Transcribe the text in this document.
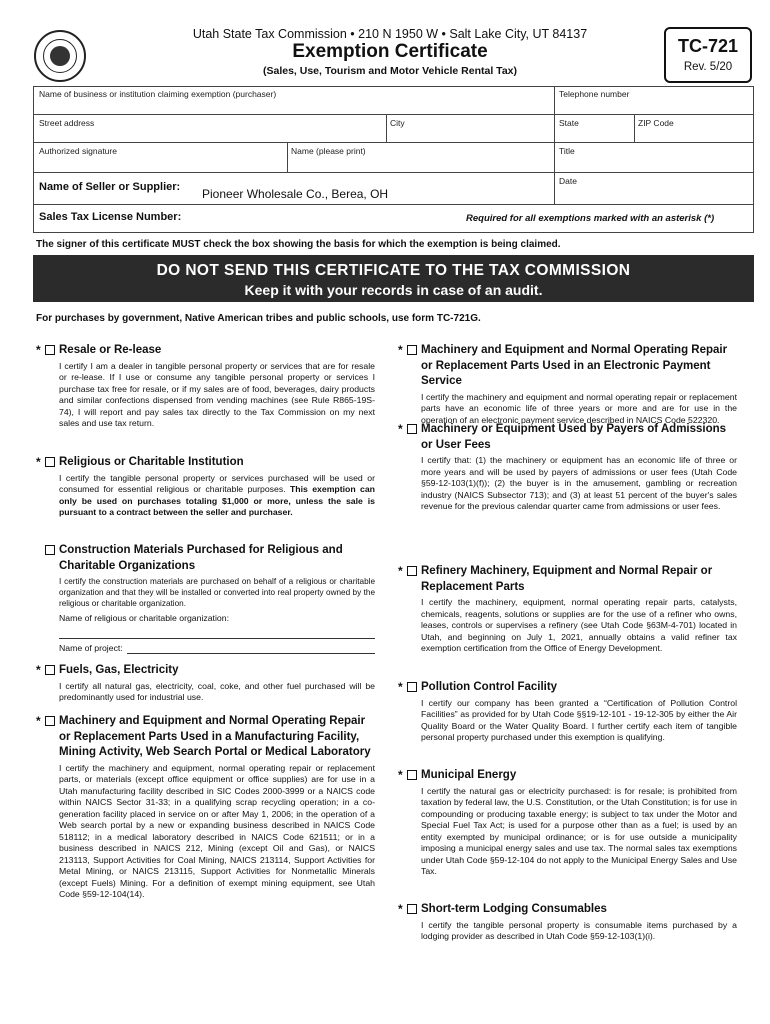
Utah State Tax Commission • 210 N 1950 W • Salt Lake City, UT 84137
Exemption Certificate
(Sales, Use, Tourism and Motor Vehicle Rental Tax)
TC-721
Rev. 5/20
Name of business or institution claiming exemption (purchaser)	Telephone number
Street address	City	State	ZIP Code
Authorized signature	Name (please print)	Title
Name of Seller or Supplier: Pioneer Wholesale Co., Berea, OH
Date
Sales Tax License Number:	Required for all exemptions marked with an asterisk (*)
The signer of this certificate MUST check the box showing the basis for which the exemption is being claimed.
DO NOT SEND THIS CERTIFICATE TO THE TAX COMMISSION
Keep it with your records in case of an audit.
For purchases by government, Native American tribes and public schools, use form TC-721G.
* Resale or Re-lease
I certify I am a dealer in tangible personal property or services that are for resale or re-lease. If I use or consume any tangible personal property or services I purchase tax free for resale, or if my sales are of food, beverages, dairy products and similar confections dispensed from vending machines (see Rule R865-19S-74), I will report and pay sales tax directly to the Tax Commission on my next sales and use tax return.
* Religious or Charitable Institution
I certify the tangible personal property or services purchased will be used or consumed for essential religious or charitable purposes. This exemption can only be used on purchases totaling $1,000 or more, unless the sale is pursuant to a contract between the seller and purchaser.
Construction Materials Purchased for Religious and Charitable Organizations
I certify the construction materials are purchased on behalf of a religious or charitable organization and that they will be installed or converted into real property owned by the religious or charitable organization.
Name of religious or charitable organization:
Name of project:
* Fuels, Gas, Electricity
I certify all natural gas, electricity, coal, coke, and other fuel purchased will be predominantly used for industrial use.
* Machinery and Equipment and Normal Operating Repair or Replacement Parts Used in a Manufacturing Facility, Mining Activity, Web Search Portal or Medical Laboratory
I certify the machinery and equipment, normal operating repair or replacement parts, or materials (except office equipment or office supplies) are for use in a Utah manufacturing facility described in SIC Codes 2000-3999 or a NAICS code within NAICS Sector 31-33; in a qualifying scrap recycling operation; in a co-generation facility placed in service on or after May 1, 2006; in the operation of a Web search portal by a new or expanding business described in NAICS Code 518112; in a medical laboratory described in NAICS Code 621511; or in a business described in NAICS 212, Mining (except Oil and Gas), or NAICS 213113, Support Activities for Coal Mining, NAICS 213114, Support Activities for Metal Mining, or NAICS 213115, Support Activities for Nonmetallic Minerals (except Fuels) Mining. For a definition of exempt mining equipment, see Utah Code §59-12-104(14).
* Machinery and Equipment and Normal Operating Repair or Replacement Parts Used in an Electronic Payment Service
I certify the machinery and equipment and normal operating repair or replacement parts have an economic life of three years or more and are for use in the operation of an electronic payment service described in NAICS Code 522320.
* Machinery or Equipment Used by Payers of Admissions or User Fees
I certify that: (1) the machinery or equipment has an economic life of three or more years and will be used by payers of admissions or user fees (Utah Code §59-12-103(1)(f)); (2) the buyer is in the amusement, gambling or recreation industry (NAICS Subsector 713); and (3) at least 51 percent of the buyer's sales revenue for the previous calendar quarter came from admissions or user fees.
* Refinery Machinery, Equipment and Normal Repair or Replacement Parts
I certify the machinery, equipment, normal operating repair parts, catalysts, chemicals, reagents, solutions or supplies are for the use of a refiner who owns, leases, controls or supervises a refinery (see Utah Code §63M-4-701) located in Utah, and beginning on July 1, 2021, annually obtains a valid refiner tax exemption certification from the Office of Energy Development.
* Pollution Control Facility
I certify our company has been granted a “Certification of Pollution Control Facilities” as provided for by Utah Code §§19-12-101 - 19-12-305 by either the Air Quality Board or the Water Quality Board. I further certify each item of tangible personal property purchased under this exemption is qualifying.
* Municipal Energy
I certify the natural gas or electricity purchased: is for resale; is prohibited from taxation by federal law, the U.S. Constitution, or the Utah Constitution; is for use in compounding or producing taxable energy; is subject to tax under the Motor and Special Fuel Tax Act; is used for a purpose other than as a fuel; is used by an entity exempted by municipal ordinance; or is for use outside a municipality imposing a municipal energy sales and use tax. The normal sales tax exemptions under Utah Code §59-12-104 do not apply to the Municipal Energy Sales and Use Tax.
* Short-term Lodging Consumables
I certify the tangible personal property is consumable items purchased by a lodging provider as described in Utah Code §59-12-103(1)(i).
